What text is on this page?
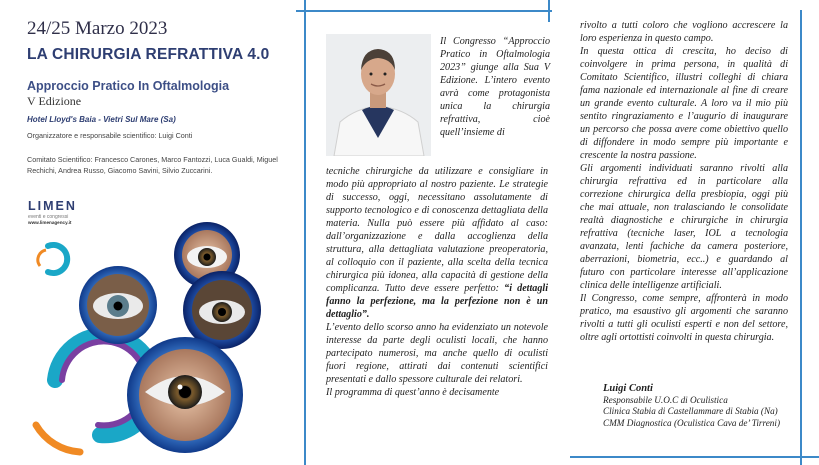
24/25 Marzo 2023
LA CHIRURGIA REFRATTIVA 4.0
Approccio Pratico In Oftalmologia
V Edizione
Hotel Lloyd's Baia - Vietri Sul Mare (Sa)
Organizzatore e responsabile scientifico: Luigi Conti
Comitato Scientifico: Francesco Carones, Marco Fantozzi, Luca Gualdi, Miguel Rechichi, Andrea Russo, Giacomo Savini, Silvio Zuccarini.
LIMEN
eventi e congressi
www.limenagency.it
Il Congresso “Approccio Pratico in Oftalmologia 2023” giunge alla Sua V Edizione. L’intero evento avrà come protagonista unica la chirurgia refrattiva, cioè quell’insieme di

tecniche chirurgiche da utilizzare e consigliare in modo più appropriato al nostro paziente. Le strategie di successo, oggi, necessitano assolutamente di supporto tecnologico e di conoscenza dettagliata della materia. Nulla può essere più affidato al caso: dall’organizzazione e dalla accoglienza della struttura, alla dettagliata valutazione preoperatoria, al colloquio con il paziente, alla scelta della tecnica chirurgica più idonea, alla capacità di gestione della complicanza. Tutto deve essere perfetto: “i dettagli fanno la perfezione, ma la perfezione non è un dettaglio”.

L’evento dello scorso anno ha evidenziato un notevole interesse da parte degli oculisti locali, che hanno partecipato numerosi, ma anche quello di oculisti fuori regione, attirati dai contenuti scientifici presentati e dallo spessore culturale dei relatori.

Il programma di quest’anno è decisamente

rivolto a tutti coloro che vogliono accrescere la loro esperienza in questo campo.

In questa ottica di crescita, ho deciso di coinvolgere in prima persona, in qualità di Comitato Scientifico, illustri colleghi di chiara fama nazionale ed internazionale al fine di creare un grande evento culturale. A loro va il mio più sentito ringraziamento e l’augurio di inaugurare un percorso che possa avere come obiettivo quello di diffondere in modo sempre più importante e crescente la nostra passione.

Gli argomenti individuati saranno rivolti alla chirurgia refrattiva ed in particolare alla correzione chirurgica della presbiopia, oggi più che mai attuale, non tralasciando le consolidate realtà diagnostiche e chirurgiche in chirurgia refrattiva (tecniche laser, IOL a tecnologia avanzata, lenti fachiche da camera posteriore, aberrazioni, biometria, ecc..) e guardando al futuro con particolare interesse all’applicazione clinica delle intelligenze artificiali.

Il Congresso, come sempre, affronterà in modo pratico, ma esaustivo gli argomenti che saranno rivolti a tutti gli oculisti esperti e non del settore, oltre agli ortottisti coinvolti in questa chirurgia.

Luigi Conti
Responsabile U.O.C di Oculistica
Clinica Stabia di Castellammare di Stabia (Na)
CMM Diagnostica (Oculistica Cava de’ Tirreni)
